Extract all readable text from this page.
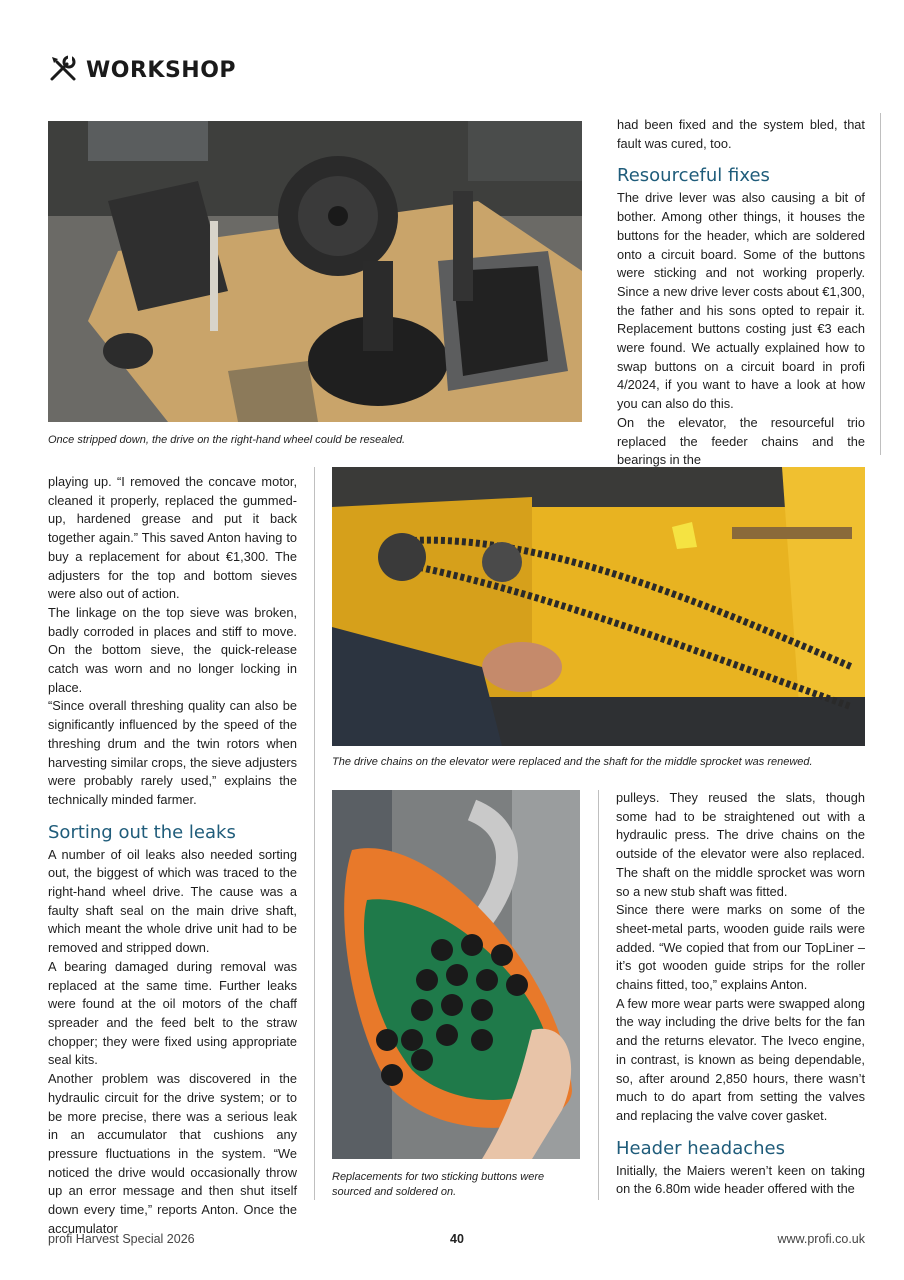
WORKSHOP
Once stripped down, the drive on the right-hand wheel could be resealed.

had been fixed and the system bled, that fault was cured, too.

Resourceful fixes

The drive lever was also causing a bit of bother. Among other things, it houses the buttons for the header, which are soldered onto a circuit board. Some of the buttons were sticking and not working properly. Since a new drive lever costs about €1,300, the father and his sons opted to repair it. Replacement buttons costing just €3 each were found. We actually explained how to swap buttons on a circuit board in profi 4/2024, if you want to have a look at how you can also do this.

On the elevator, the resourceful trio replaced the feeder chains and the bearings in the

playing up. “I removed the concave motor, cleaned it properly, replaced the gummed-up, hardened grease and put it back together again.” This saved Anton having to buy a replacement for about €1,300. The adjusters for the top and bottom sieves were also out of action.

The linkage on the top sieve was broken, badly corroded in places and stiff to move. On the bottom sieve, the quick-release catch was worn and no longer locking in place.

“Since overall threshing quality can also be significantly influenced by the speed of the threshing drum and the twin rotors when harvesting similar crops, the sieve adjusters were probably rarely used,” explains the technically minded farmer.

Sorting out the leaks

A number of oil leaks also needed sorting out, the biggest of which was traced to the right-hand wheel drive. The cause was a faulty shaft seal on the main drive shaft, which meant the whole drive unit had to be removed and stripped down.

A bearing damaged during removal was replaced at the same time. Further leaks were found at the oil motors of the chaff spreader and the feed belt to the straw chopper; they were fixed using appropriate seal kits.

Another problem was discovered in the hydraulic circuit for the drive system; or to be more precise, there was a serious leak in an accumulator that cushions any pressure fluctuations in the system. “We noticed the drive would occasionally throw up an error message and then shut itself down every time,” reports Anton. Once the accumulator

The drive chains on the elevator were replaced and the shaft for the middle sprocket was renewed.
Replacements for two sticking buttons were sourced and soldered on.

pulleys. They reused the slats, though some had to be straightened out with a hydraulic press. The drive chains on the outside of the elevator were also replaced. The shaft on the middle sprocket was worn so a new stub shaft was fitted.

Since there were marks on some of the sheet-metal parts, wooden guide rails were added. “We copied that from our TopLiner – it’s got wooden guide strips for the roller chains fitted, too,” explains Anton.

A few more wear parts were swapped along the way including the drive belts for the fan and the returns elevator. The Iveco engine, in contrast, is known as being dependable, so, after around 2,850 hours, there wasn’t much to do apart from setting the valves and replacing the valve cover gasket.

Header headaches

Initially, the Maiers weren’t keen on taking on the 6.80m wide header offered with the

profi Harvest Special 2026	40	www.profi.co.uk
